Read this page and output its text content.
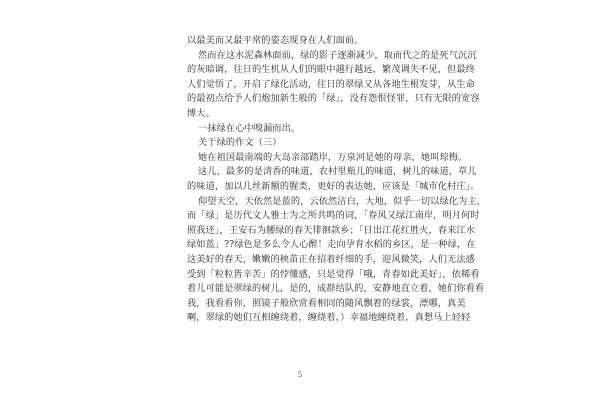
以最美而又最平常的姿态现身在人们面前。
然而在这水泥森林面前，绿的影子逐渐减少，取而代之的是死气沉沉
的灰暗调，往日的生机从人们的眼中越行越远，繁茂调失不见，但最终
人们觉悟了，开启了绿化活动，往日的翠绿又从各地生根发芽，从生命
的最初点给予人们炮加新生般的「绿」，没有怨恨怪罪，只有无限的宽容
博大。
一抹绿在心中嗅漏而出。
关于绿的作文（三）
她在祖国最南端的大岛亲部踏岸，万泉河是她的母亲，她叫琼梅。
这儿，最多的是清香的味道，农村里瓶儿的味道，树儿的味道，草儿
的味道，加以几丝新额的腥类，更好的表达她，应该是「城市化村庄」。
仰望天空，天依然是蓝的，云依然洁白，大地，似乎一切以绿化为主，
而「绿」是历代文人雅士为之所共鸣的词，「春风又绿江南岸，明月何时
照我还」，王安石为腰绿的春天徘徊款乡；「日出江花红胜火，春来江水
绿如蓝」??绿色是多么令人心醉！走向孕育水稻的乡区，是一种绿，在
这美好的春天，嫩嫩的秧苗正在招着纤细的手，迎风微笑，人们无法感
受到「粒粒皆辛苦」的悖懂感，只是觉得「哦，青春如此美好」，依稀看
着儿可能是翠绿的树儿，是的，成群结队的，安静地直立着，她们你看看
我，我看看你，照镜子般欣赏看相同的随风飘着的绿裳，漂哪，真美
啊，翠绿的她们互相缠绕着，缠绕着，）幸福地缠绕着，真想马上轻轻
5
